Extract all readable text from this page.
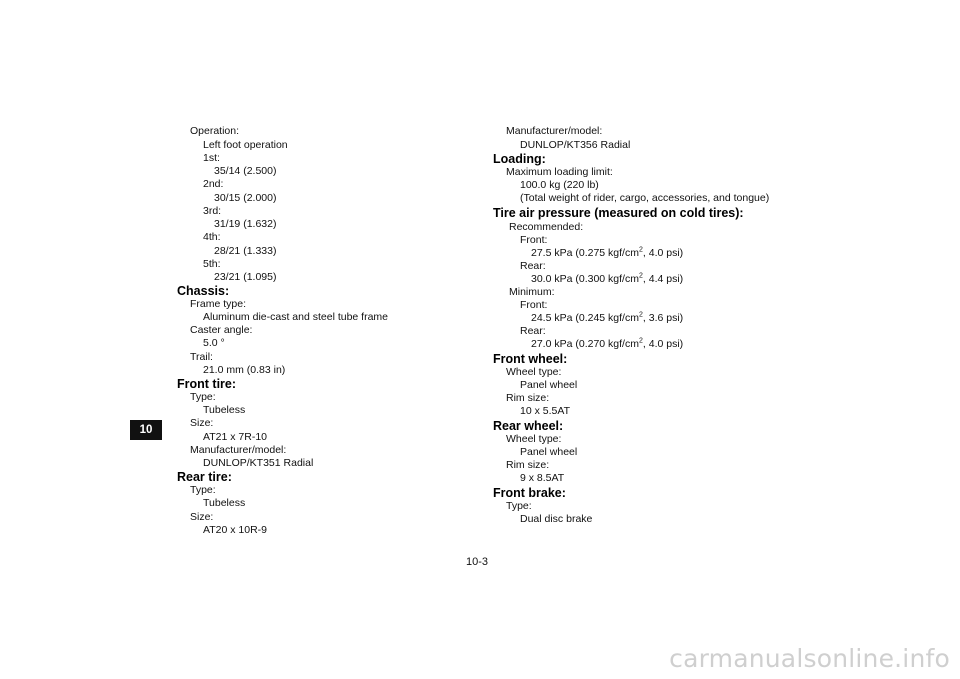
10
Operation:
Left foot operation
1st:
35/14 (2.500)
2nd:
30/15 (2.000)
3rd:
31/19 (1.632)
4th:
28/21 (1.333)
5th:
23/21 (1.095)
Chassis:
Frame type:
Aluminum die-cast and steel tube frame
Caster angle:
5.0 °
Trail:
21.0 mm (0.83 in)
Front tire:
Type:
Tubeless
Size:
AT21 x 7R-10
Manufacturer/model:
DUNLOP/KT351 Radial
Rear tire:
Type:
Tubeless
Size:
AT20 x 10R-9
Manufacturer/model:
DUNLOP/KT356 Radial
Loading:
Maximum loading limit:
100.0 kg (220 lb)
(Total weight of rider, cargo, accessories, and tongue)
Tire air pressure (measured on cold tires):
Recommended:
Front:
27.5 kPa (0.275 kgf/$cm^2$, 4.0 psi)
Rear:
30.0 kPa (0.300 kgf/$cm^2$, 4.4 psi)
Minimum:
Front:
24.5 kPa (0.245 kgf/$cm^2$, 3.6 psi)
Rear:
27.0 kPa (0.270 kgf/$cm^2$, 4.0 psi)
Front wheel:
Wheel type:
Panel wheel
Rim size:
10 x 5.5AT
Rear wheel:
Wheel type:
Panel wheel
Rim size:
9 x 8.5AT
Front brake:
Type:
Dual disc brake
10-3
carmanualsonline.info
